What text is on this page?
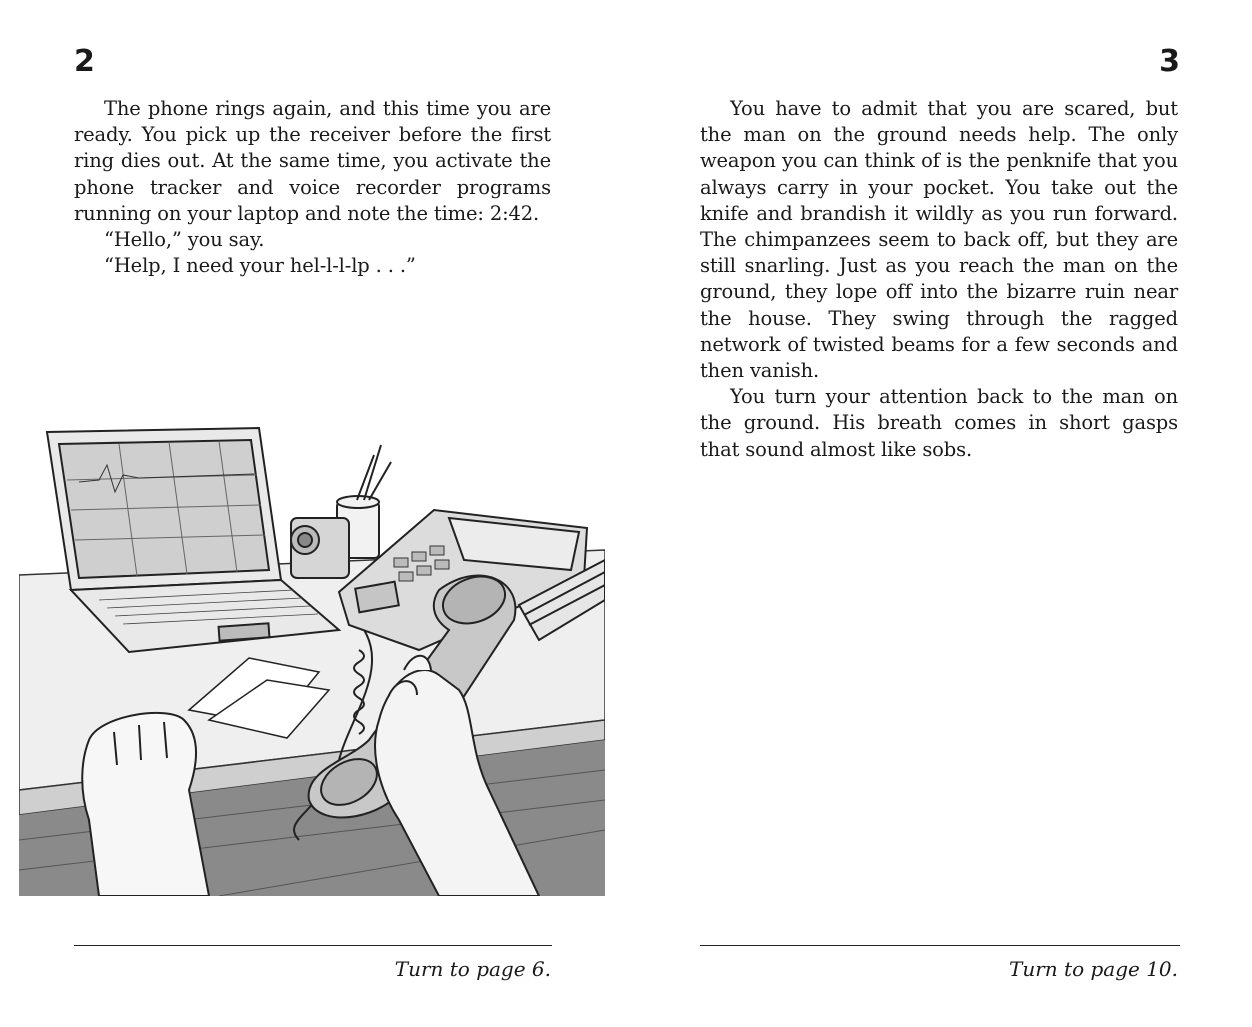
2

The phone rings again, and this time you are ready. You pick up the receiver before the first ring dies out. At the same time, you activate the phone tracker and voice recorder programs running on your laptop and note the time: 2:42.

“Hello,” you say.

“Help, I need your hel-l-l-lp . . .”

Turn to page 6.
3

You have to admit that you are scared, but the man on the ground needs help. The only weapon you can think of is the penknife that you always carry in your pocket. You take out the knife and brandish it wildly as you run forward. The chimpanzees seem to back off, but they are still snarling. Just as you reach the man on the ground, they lope off into the bizarre ruin near the house. They swing through the ragged network of twisted beams for a few seconds and then vanish.

You turn your attention back to the man on the ground. His breath comes in short gasps that sound almost like sobs.

Turn to page 10.
